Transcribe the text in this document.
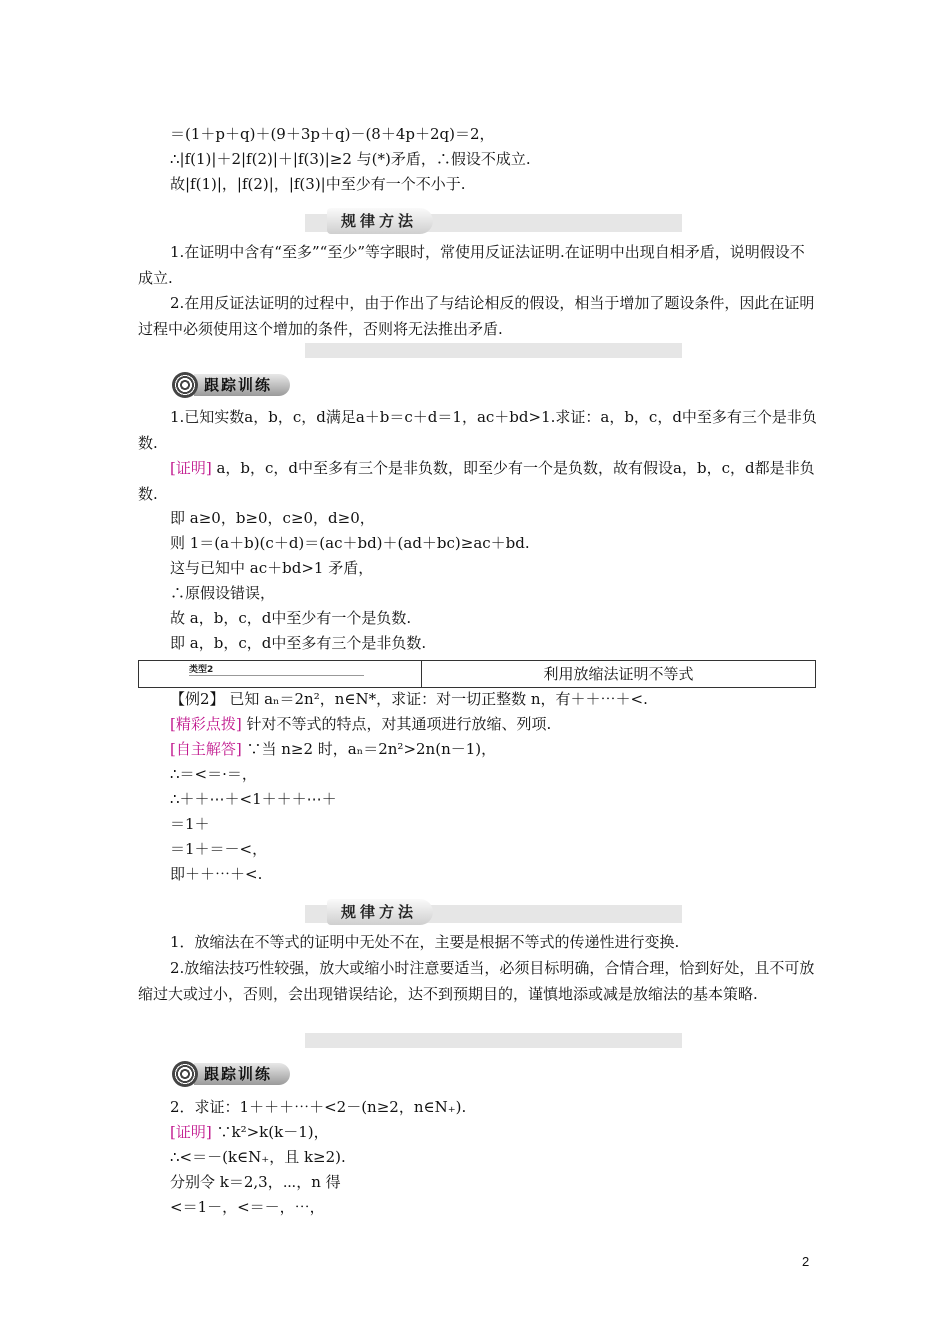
＝(1＋p＋q)＋(9＋3p＋q)－(8＋4p＋2q)＝2，
∴|f(1)|＋2|f(2)|＋|f(3)|≥2 与(*)矛盾，∴假设不成立.
故|f(1)|，|f(2)|，|f(3)|中至少有一个不小于.
规律方法
1.在证明中含有“至多”“至少”等字眼时，常使用反证法证明.在证明中出现自相矛盾，说明假设不成立.
2.在用反证法证明的过程中，由于作出了与结论相反的假设，相当于增加了题设条件，因此在证明过程中必须使用这个增加的条件，否则将无法推出矛盾.
跟踪训练
1.已知实数a，b，c，d满足a＋b＝c＋d＝1，ac＋bd>1.求证：a，b，c，d中至多有三个是非负数.
[证明] a，b，c，d中至多有三个是非负数，即至少有一个是负数，故有假设a，b，c，d都是非负数.
即 a≥0，b≥0，c≥0，d≥0，
则 1＝(a＋b)(c＋d)＝(ac＋bd)＋(ad＋bc)≥ac＋bd.
这与已知中 ac＋bd>1 矛盾，
∴原假设错误，
故 a，b，c，d中至少有一个是负数.
即 a，b，c，d中至多有三个是非负数.
类型2	利用放缩法证明不等式
【例2】 已知 aₙ＝2n²，n∈N*，求证：对一切正整数 n，有＋＋⋯＋<.
[精彩点拨] 针对不等式的特点，对其通项进行放缩、列项.
[自主解答] ∵当 n≥2 时，aₙ＝2n²>2n(n－1)，
∴＝<＝·＝，
∴＋＋⋯＋<1＋＋＋⋯＋
＝1＋
＝1＋＝－<，
即＋＋⋯＋<.
规律方法
1．放缩法在不等式的证明中无处不在，主要是根据不等式的传递性进行变换.
2.放缩法技巧性较强，放大或缩小时注意要适当，必须目标明确，合情合理，恰到好处，且不可放缩过大或过小，否则，会出现错误结论，达不到预期目的，谨慎地添或减是放缩法的基本策略.
跟踪训练
2．求证：1＋＋＋⋯＋<2－(n≥2，n∈N₊).
[证明] ∵k²>k(k－1)，
∴<＝－(k∈N₊，且 k≥2).
分别令 k＝2,3，⋯，n 得
<＝1－，<＝－，⋯，
2
